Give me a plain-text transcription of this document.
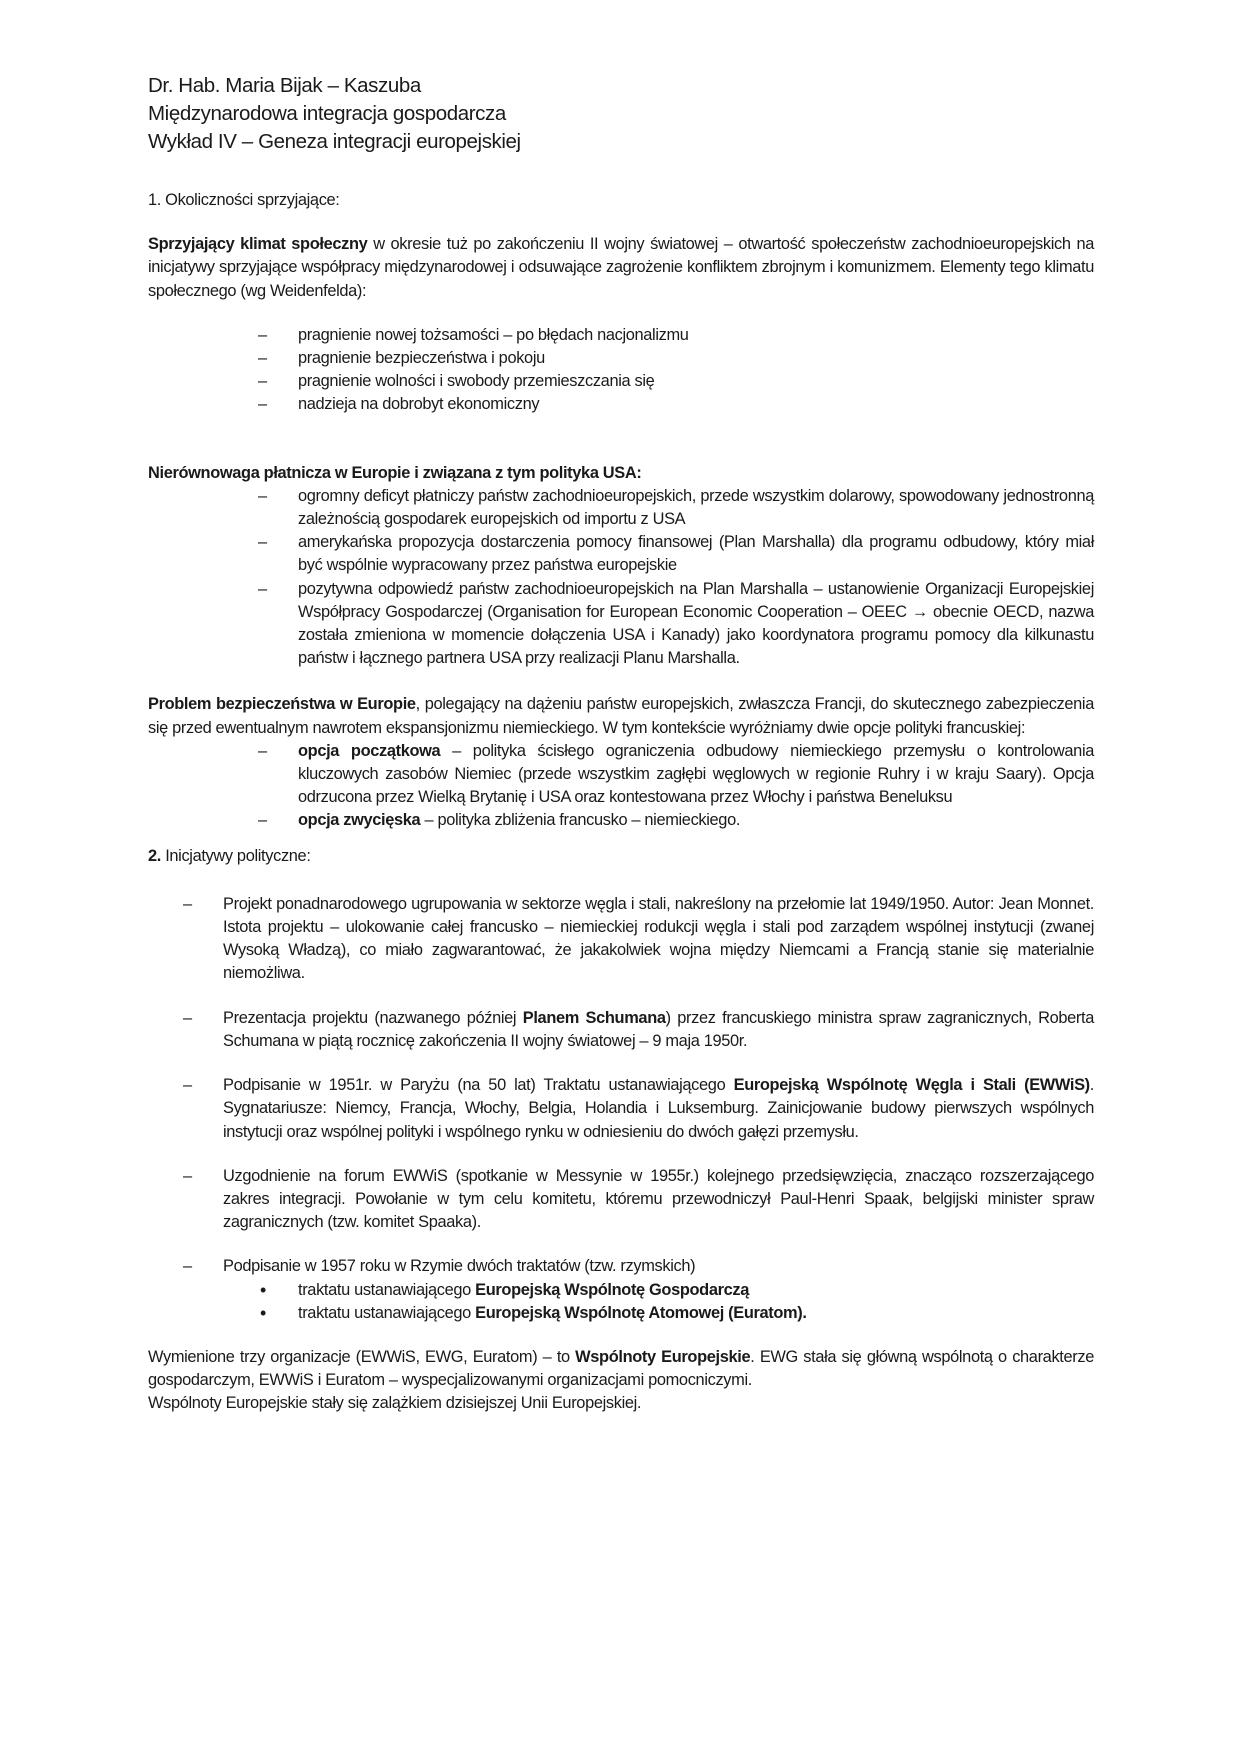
Dr. Hab. Maria Bijak – Kaszuba
Międzynarodowa integracja gospodarcza
Wykład IV – Geneza integracji europejskiej
1. Okoliczności sprzyjające:

Sprzyjający klimat społeczny w okresie tuż po zakończeniu II wojny światowej – otwartość społeczeństw zachodnioeuropejskich na inicjatywy sprzyjające współpracy międzynarodowej i odsuwające zagrożenie konfliktem zbrojnym i komunizmem. Elementy tego klimatu społecznego (wg Weidenfelda):

– pragnienie nowej tożsamości – po błędach nacjonalizmu
– pragnienie bezpieczeństwa i pokoju
– pragnienie wolności i swobody przemieszczania się
– nadzieja na dobrobyt ekonomiczny

Nierównowaga płatnicza w Europie i związana z tym polityka USA:

– ogromny deficyt płatniczy państw zachodnioeuropejskich, przede wszystkim dolarowy, spowodowany jednostronną zależnością gospodarek europejskich od importu z USA
– amerykańska propozycja dostarczenia pomocy finansowej (Plan Marshalla) dla programu odbudowy, który miał być wspólnie wypracowany przez państwa europejskie
– pozytywna odpowiedź państw zachodnioeuropejskich na Plan Marshalla – ustanowienie Organizacji Europejskiej Współpracy Gospodarczej (Organisation for European Economic Cooperation – OEEC → obecnie OECD, nazwa została zmieniona w momencie dołączenia USA i Kanady) jako koordynatora programu pomocy dla kilkunastu państw i łącznego partnera USA przy realizacji Planu Marshalla.

Problem bezpieczeństwa w Europie, polegający na dążeniu państw europejskich, zwłaszcza Francji, do skutecznego zabezpieczenia się przed ewentualnym nawrotem ekspansjonizmu niemieckiego. W tym kontekście wyróżniamy dwie opcje polityki francuskiej:

– opcja początkowa – polityka ścisłego ograniczenia odbudowy niemieckiego przemysłu o kontrolowania kluczowych zasobów Niemiec (przede wszystkim zagłębi węglowych w regionie Ruhry i w kraju Saary). Opcja odrzucona przez Wielką Brytanię i USA oraz kontestowana przez Włochy i państwa Beneluksu
– opcja zwycięska – polityka zbliżenia francusko – niemieckiego.
2. Inicjatywy polityczne:
– Projekt ponadnarodowego ugrupowania w sektorze węgla i stali, nakreślony na przełomie lat 1949/1950. Autor: Jean Monnet. Istota projektu – ulokowanie całej francusko – niemieckiej rodukcji węgla i stali pod zarządem wspólnej instytucji (zwanej Wysoką Władzą), co miało zagwarantować, że jakakolwiek wojna między Niemcami a Francją stanie się materialnie niemożliwa.
– Prezentacja projektu (nazwanego później Planem Schumana) przez francuskiego ministra spraw zagranicznych, Roberta Schumana w piątą rocznicę zakończenia II wojny światowej – 9 maja 1950r.
– Podpisanie w 1951r. w Paryżu (na 50 lat) Traktatu ustanawiającego Europejską Wspólnotę Węgla i Stali (EWWiS). Sygnatariusze: Niemcy, Francja, Włochy, Belgia, Holandia i Luksemburg. Zainicjowanie budowy pierwszych wspólnych instytucji oraz wspólnej polityki i wspólnego rynku w odniesieniu do dwóch gałęzi przemysłu.
– Uzgodnienie na forum EWWiS (spotkanie w Messynie w 1955r.) kolejnego przedsięwzięcia, znacząco rozszerzającego zakres integracji. Powołanie w tym celu komitetu, któremu przewodniczył Paul-Henri Spaak, belgijski minister spraw zagranicznych (tzw. komitet Spaaka).
– Podpisanie w 1957 roku w Rzymie dwóch traktatów (tzw. rzymskich)
• traktatu ustanawiającego Europejską Wspólnotę Gospodarczą
• traktatu ustanawiającego Europejską Wspólnotę Atomowej (Euratom).

Wymienione trzy organizacje (EWWiS, EWG, Euratom) – to Wspólnoty Europejskie. EWG stała się główną wspólnotą o charakterze gospodarczym, EWWiS i Euratom – wyspecjalizowanymi organizacjami pomocniczymi.

Wspólnoty Europejskie stały się zalążkiem dzisiejszej Unii Europejskiej.
